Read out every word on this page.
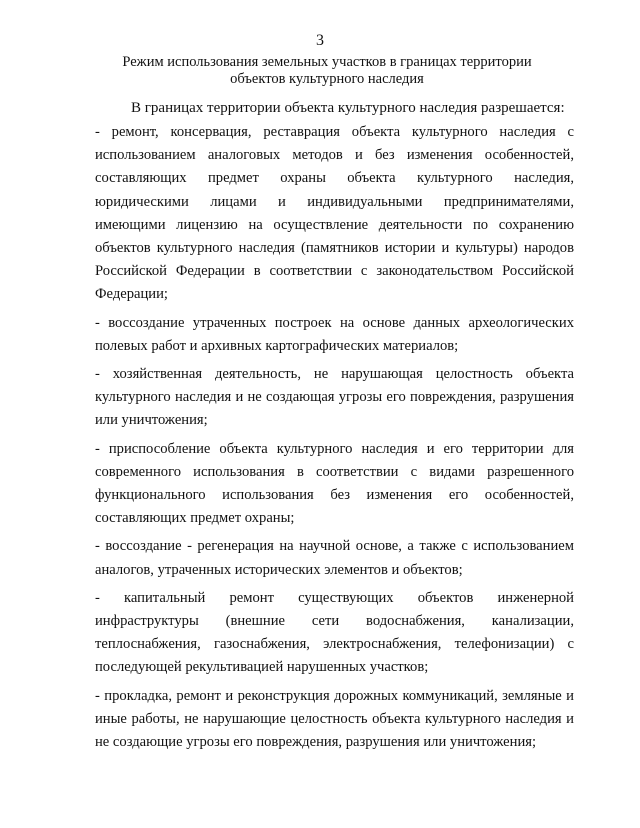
3
Режим использования земельных участков в границах территории
объектов культурного наследия
В границах территории объекта культурного наследия разрешается:

- ремонт, консервация, реставрация объекта культурного наследия с использованием аналоговых методов и без изменения особенностей, составляющих предмет охраны объекта культурного наследия, юридическими лицами и индивидуальными предпринимателями, имеющими лицензию на осуществление деятельности по сохранению объектов культурного наследия (памятников истории и культуры) народов Российской Федерации в соответствии с законодательством Российской Федерации;

- воссоздание утраченных построек на основе данных археологических полевых работ и архивных картографических материалов;

- хозяйственная деятельность, не нарушающая целостность объекта культурного наследия и не создающая угрозы его повреждения, разрушения или уничтожения;

- приспособление объекта культурного наследия и его территории для современного использования в соответствии с видами разрешенного функционального использования без изменения его особенностей, составляющих предмет охраны;

- воссоздание - регенерация на научной основе, а также с использованием аналогов, утраченных исторических элементов и объектов;

- капитальный ремонт существующих объектов инженерной инфраструктуры (внешние сети водоснабжения, канализации, теплоснабжения, газоснабжения, электроснабжения, телефонизации) с последующей рекультивацией нарушенных участков;

- прокладка, ремонт и реконструкция дорожных коммуникаций, земляные и иные работы, не нарушающие целостность объекта культурного наследия и не создающие угрозы его повреждения, разрушения или уничтожения;
